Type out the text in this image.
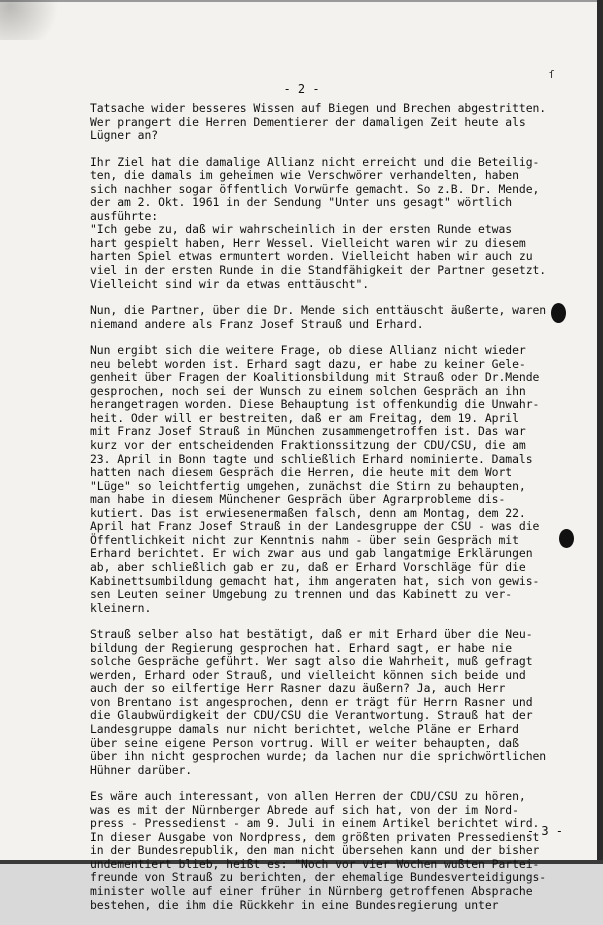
ſ
- 2 -
Tatsache wider besseres Wissen auf Biegen und Brechen abgestritten.
Wer prangert die Herren Dementierer der damaligen Zeit heute als
Lügner an?
Ihr Ziel hat die damalige Allianz nicht erreicht und die Beteilig-
ten, die damals im geheimen wie Verschwörer verhandelten, haben
sich nachher sogar öffentlich Vorwürfe gemacht. So z.B. Dr. Mende,
der am 2. Okt. 1961 in der Sendung "Unter uns gesagt" wörtlich
ausführte:
"Ich gebe zu, daß wir wahrscheinlich in der ersten Runde etwas
hart gespielt haben, Herr Wessel. Vielleicht waren wir zu diesem
harten Spiel etwas ermuntert worden. Vielleicht haben wir auch zu
viel in der ersten Runde in die Standfähigkeit der Partner gesetzt.
Vielleicht sind wir da etwas enttäuscht".
Nun, die Partner, über die Dr. Mende sich enttäuscht äußerte, waren
niemand andere als Franz Josef Strauß und Erhard.
Nun ergibt sich die weitere Frage, ob diese Allianz nicht wieder
neu belebt worden ist. Erhard sagt dazu, er habe zu keiner Gele-
genheit über Fragen der Koalitionsbildung mit Strauß oder Dr.Mende
gesprochen, noch sei der Wunsch zu einem solchen Gespräch an ihn
herangetragen worden. Diese Behauptung ist offenkundig die Unwahr-
heit. Oder will er bestreiten, daß er am Freitag, dem 19. April
mit Franz Josef Strauß in München zusammengetroffen ist. Das war
kurz vor der entscheidenden Fraktionssitzung der CDU/CSU, die am
23. April in Bonn tagte und schließlich Erhard nominierte. Damals
hatten nach diesem Gespräch die Herren, die heute mit dem Wort
"Lüge" so leichtfertig umgehen, zunächst die Stirn zu behaupten,
man habe in diesem Münchener Gespräch über Agrarprobleme dis-
kutiert. Das ist erwiesenermaßen falsch, denn am Montag, dem 22.
April hat Franz Josef Strauß in der Landesgruppe der CSU - was die
Öffentlichkeit nicht zur Kenntnis nahm - über sein Gespräch mit
Erhard berichtet. Er wich zwar aus und gab langatmige Erklärungen
ab, aber schließlich gab er zu, daß er Erhard Vorschläge für die
Kabinettsumbildung gemacht hat, ihm angeraten hat, sich von gewis-
sen Leuten seiner Umgebung zu trennen und das Kabinett zu ver-
kleinern.
Strauß selber also hat bestätigt, daß er mit Erhard über die Neu-
bildung der Regierung gesprochen hat. Erhard sagt, er habe nie
solche Gespräche geführt. Wer sagt also die Wahrheit, muß gefragt
werden, Erhard oder Strauß, und vielleicht können sich beide und
auch der so eilfertige Herr Rasner dazu äußern? Ja, auch Herr
von Brentano ist angesprochen, denn er trägt für Herrn Rasner und
die Glaubwürdigkeit der CDU/CSU die Verantwortung. Strauß hat der
Landesgruppe damals nur nicht berichtet, welche Pläne er Erhard
über seine eigene Person vortrug. Will er weiter behaupten, daß
über ihn nicht gesprochen wurde; da lachen nur die sprichwörtlichen
Hühner darüber.
Es wäre auch interessant, von allen Herren der CDU/CSU zu hören,
was es mit der Nürnberger Abrede auf sich hat, von der im Nord-
press - Pressedienst - am 9. Juli in einem Artikel berichtet wird.
In dieser Ausgabe von Nordpress, dem größten privaten Pressedienst
in der Bundesrepublik, den man nicht übersehen kann und der bisher
undementiert blieb, heißt es: "Noch vor vier Wochen wußten Partei-
freunde von Strauß zu berichten, der ehemalige Bundesverteidigungs-
minister wolle auf einer früher in Nürnberg getroffenen Absprache
bestehen, die ihm die Rückkehr in eine Bundesregierung unter
- 3 -
